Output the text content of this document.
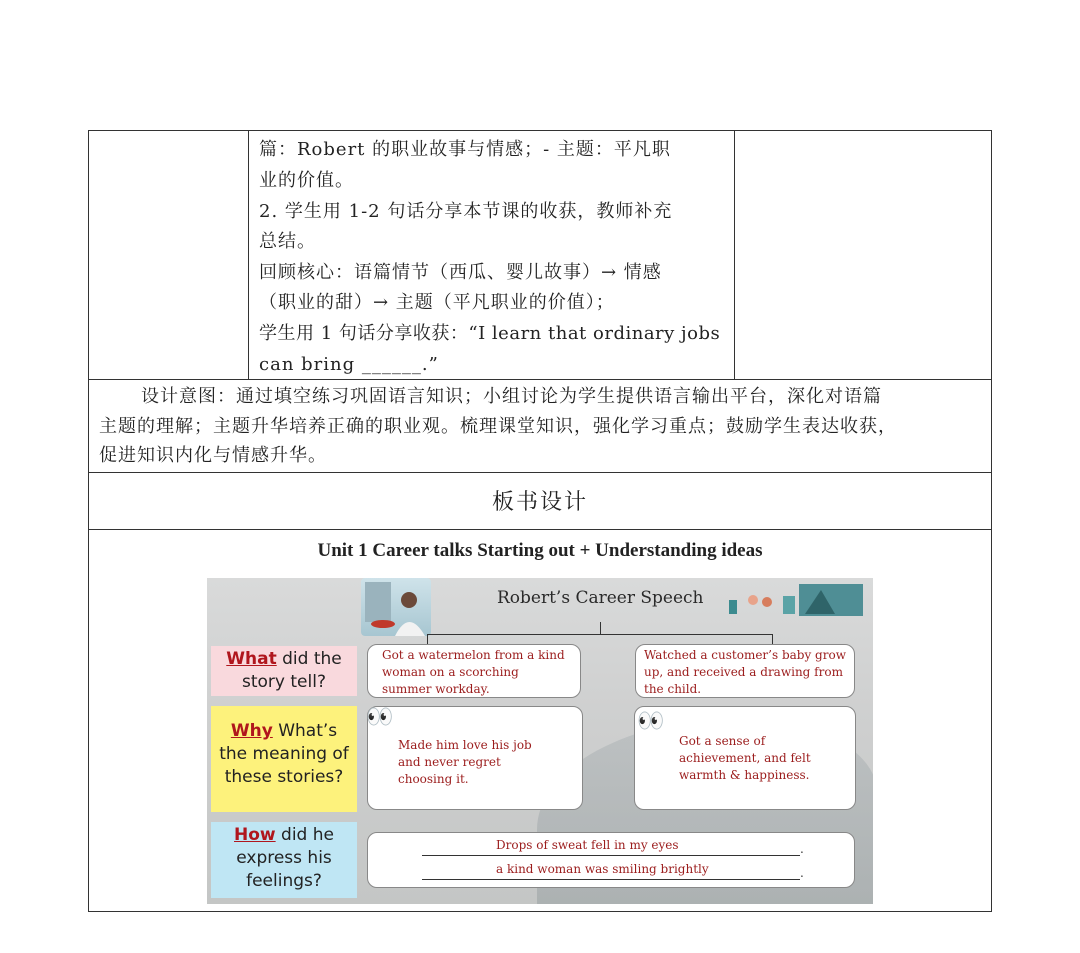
篇：Robert 的职业故事与情感；- 主题：平凡职
业的价值。
2. 学生用 1-2 句话分享本节课的收获，教师补充
总结。
回顾核心：语篇情节（西瓜、婴儿故事）→ 情感
（职业的甜）→ 主题（平凡职业的价值）；
学生用 1 句话分享收获：“I learn that ordinary jobs
can bring ______.”
设计意图：通过填空练习巩固语言知识；小组讨论为学生提供语言输出平台，深化对语篇
主题的理解；主题升华培养正确的职业观。梳理课堂知识，强化学习重点；鼓励学生表达收获，
促进知识内化与情感升华。
板书设计
Unit 1 Career talks Starting out + Understanding ideas
Robert’s Career Speech
What did the
story tell?
Why What’s
the meaning of
these stories?
How did he
express his
feelings?
Got a watermelon from a kind woman on a scorching summer workday.
Watched a customer’s baby grow up, and received a drawing from the child.
👀
Made him love his job and never regret choosing it.
👀
Got a sense of achievement, and felt warmth & happiness.
Drops of sweat fell in my eyes	.
a kind woman was smiling brightly	.
